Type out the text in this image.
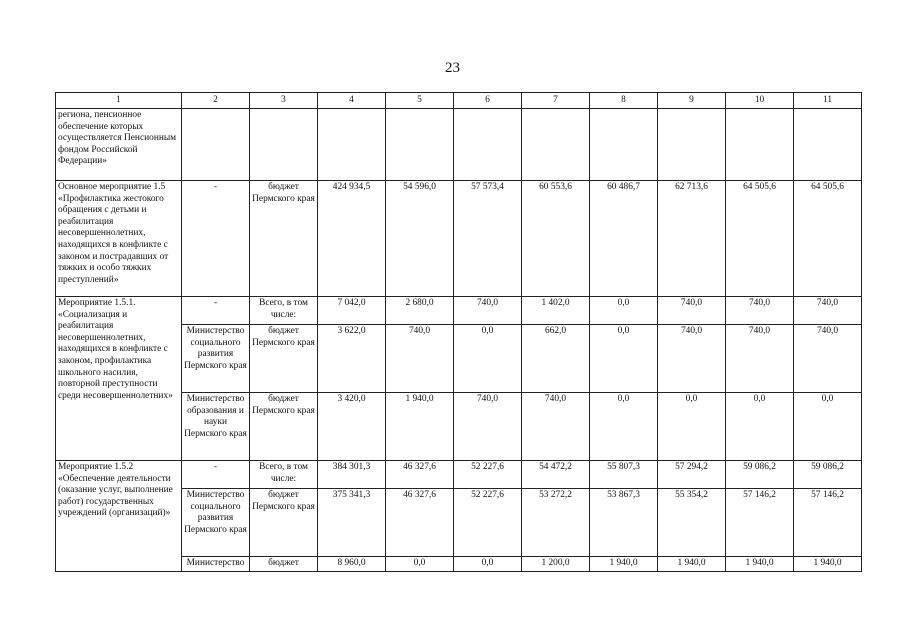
23
1	2	3	4	5	6	7	8	9	10	11
региона, пенсионное обеспечение которых осуществляется Пенсионным фондом Российской Федерации»										
Основное мероприятие 1.5 «Профилактика жестокого обращения с детьми и реабилитация несовершеннолетних, находящихся в конфликте с законом и пострадавших от тяжких и особо тяжких преступлений»	-	бюджет Пермского края	424 934,5	54 596,0	57 573,4	60 553,6	60 486,7	62 713,6	64 505,6	64 505,6
Мероприятие 1.5.1. «Социализация и реабилитация несовершеннолетних, находящихся в конфликте с законом, профилактика школьного насилия, повторной преступности среди несовершеннолетних»	-	Всего, в том числе:	7 042,0	2 680,0	740,0	1 402,0	0,0	740,0	740,0	740,0
	Министерство социального развития Пермского края	бюджет Пермского края	3 622,0	740,0	0,0	662,0	0,0	740,0	740,0	740,0
	Министерство образования и науки Пермского края	бюджет Пермского края	3 420,0	1 940,0	740,0	740,0	0,0	0,0	0,0	0,0
Мероприятие 1.5.2 «Обеспечение деятельности (оказание услуг, выполнение работ) государственных учреждений (организаций)»	-	Всего, в том числе:	384 301,3	46 327,6	52 227,6	54 472,2	55 807,3	57 294,2	59 086,2	59 086,2
	Министерство социального развития Пермского края	бюджет Пермского края	375 341,3	46 327,6	52 227,6	53 272,2	53 867,3	55 354,2	57 146,2	57 146,2
	Министерство	бюджет	8 960,0	0,0	0,0	1 200,0	1 940,0	1 940,0	1 940,0	1 940,0
